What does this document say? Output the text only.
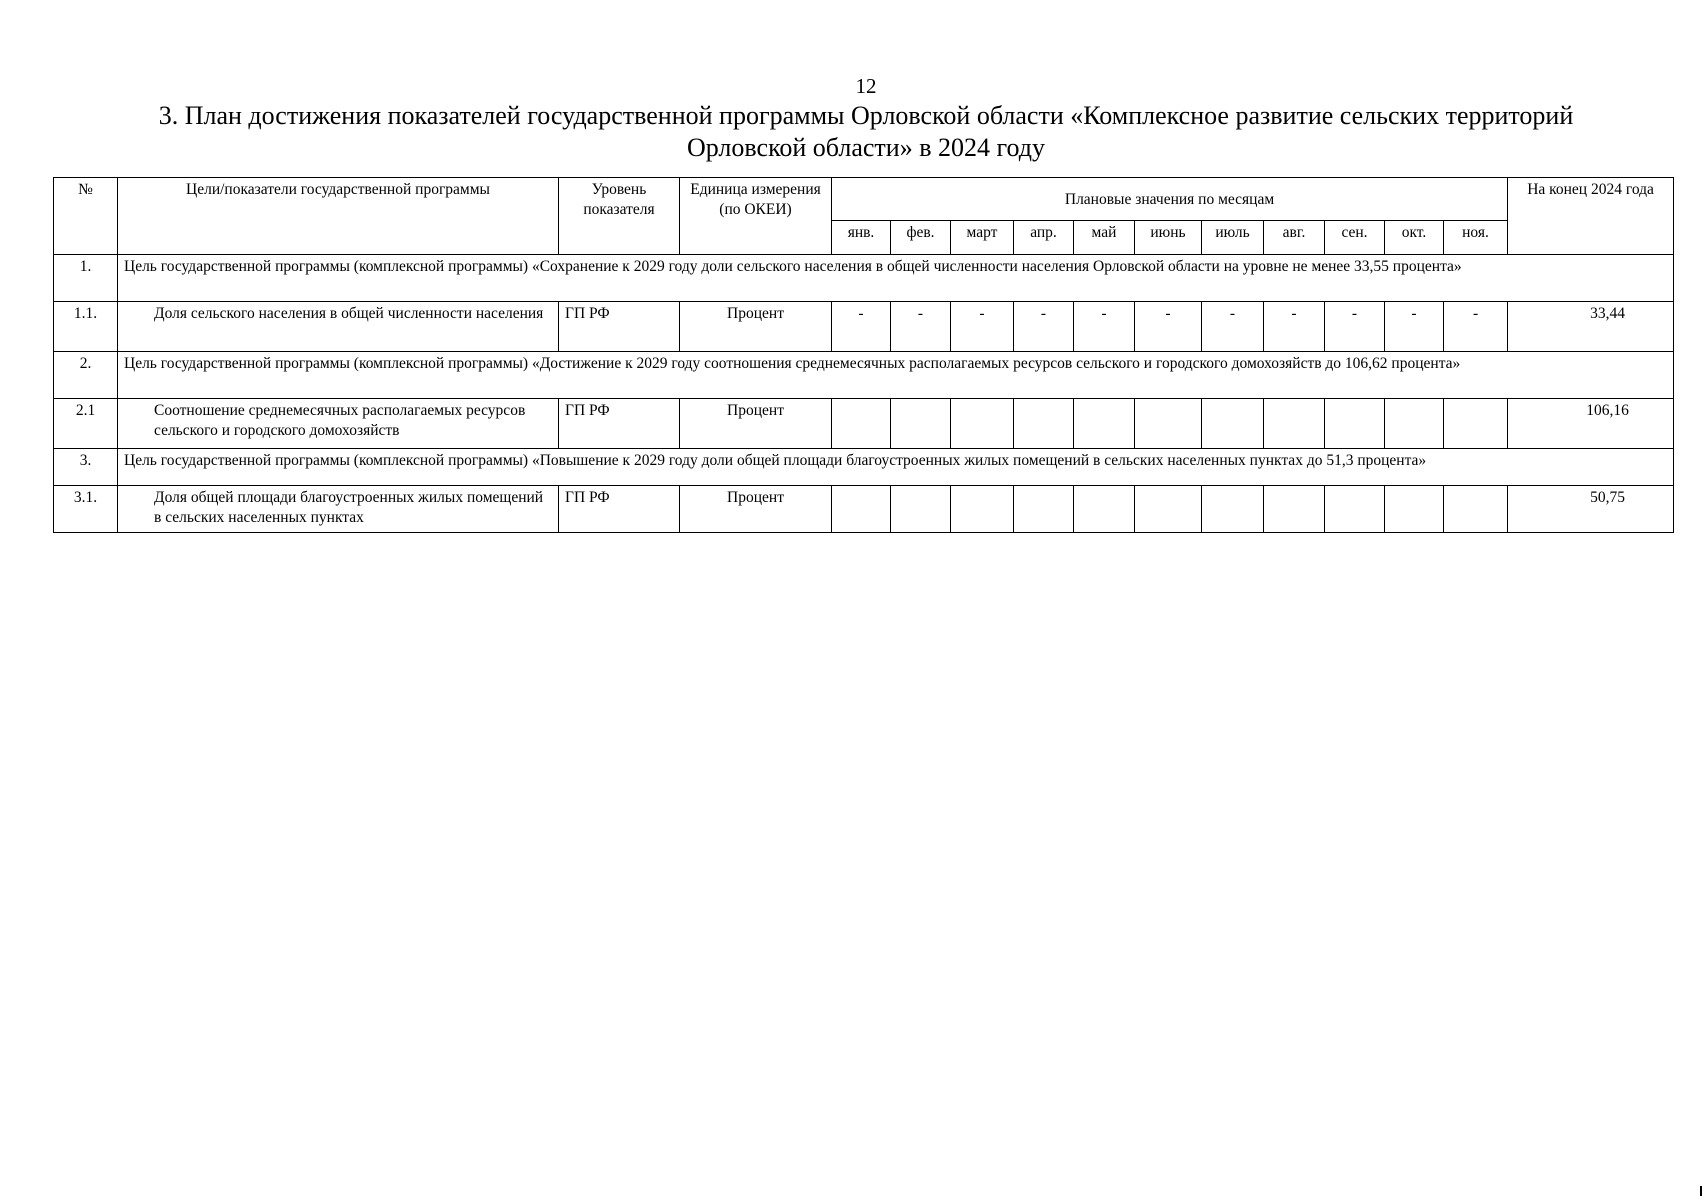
12
3. План достижения показателей государственной программы Орловской области «Комплексное развитие сельских территорий
Орловской области» в 2024 году
№	Цели/показатели государственной программы	Уровень показателя	Единица измерения (по ОКЕИ)	Плановые значения по месяцам											На конец 2024 года
				янв.	фев.	март	апр.	май	июнь	июль	авг.	сен.	окт.	ноя.	
1.	Цель государственной программы (комплексной программы) «Сохранение к 2029 году доли сельского населения в общей численности населения Орловской области на уровне не менее 33,55 процента»														
1.1.	Доля сельского населения в общей численности населения	ГП РФ	Процент	-	-	-	-	-	-	-	-	-	-	-	33,44
2.	Цель государственной программы (комплексной программы) «Достижение к 2029 году соотношения среднемесячных располагаемых ресурсов сельского и городского домохозяйств до 106,62 процента»														
2.1	Соотношение среднемесячных располагаемых ресурсов сельского и городского домохозяйств	ГП РФ	Процент												106,16
3.	Цель государственной программы (комплексной программы) «Повышение к 2029 году доли общей площади благоустроенных жилых помещений в сельских населенных пунктах до 51,3 процента»														
3.1.	Доля общей площади благоустроенных жилых помещений в сельских населенных пунктах	ГП РФ	Процент												50,75
